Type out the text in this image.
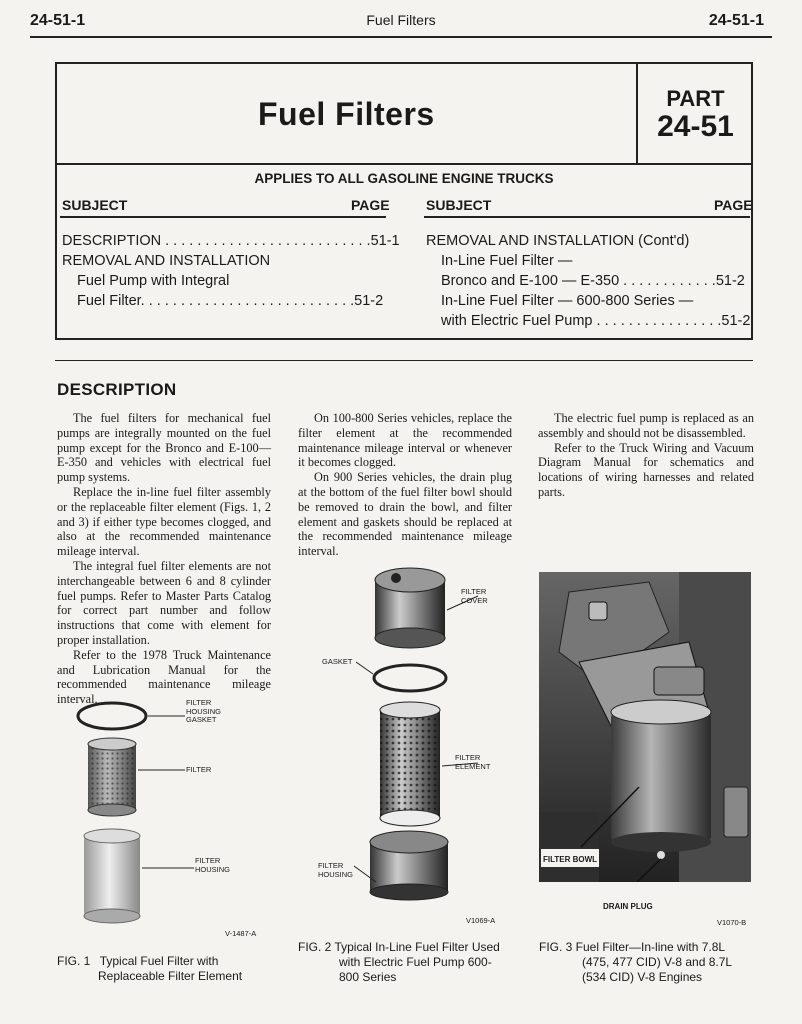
24-51-1	Fuel Filters	24-51-1
Fuel Filters	PART
24-51
APPLIES TO ALL GASOLINE ENGINE TRUCKS
SUBJECT	PAGE	SUBJECT	PAGE
DESCRIPTION . . . . . . . . . . . . . . . . . . . . . . . . . .51-1
REMOVAL AND INSTALLATION
Fuel Pump with Integral
Fuel Filter. . . . . . . . . . . . . . . . . . . . . . . . . . .51-2
REMOVAL AND INSTALLATION (Cont'd)
In-Line Fuel Filter —
Bronco and E-100 — E-350 . . . . . . . . . . . .51-2
In-Line Fuel Filter — 600-800 Series —
with Electric Fuel Pump . . . . . . . . . . . . . . . .51-2
DESCRIPTION

The fuel filters for mechanical fuel pumps are integrally mounted on the fuel pump except for the Bronco and E-100—E-350 and vehicles with electrical fuel pump systems.

Replace the in-line fuel filter assembly or the replaceable filter element (Figs. 1, 2 and 3) if either type becomes clogged, and also at the recommended maintenance mileage interval.

The integral fuel filter elements are not interchangeable between 6 and 8 cylinder fuel pumps. Refer to Master Parts Catalog for correct part number and follow instructions that come with element for proper installation.

Refer to the 1978 Truck Maintenance and Lubrication Manual for the recommended maintenance mileage interval.

On 100-800 Series vehicles, replace the filter element at the recommended maintenance mileage interval or whenever it becomes clogged.

On 900 Series vehicles, the drain plug at the bottom of the fuel filter bowl should be removed to drain the bowl, and filter element and gaskets should be replaced at the recommended maintenance mileage interval.

The electric fuel pump is replaced as an assembly and should not be disassembled.

Refer to the Truck Wiring and Vacuum Diagram Manual for schematics and locations of wiring harnesses and related parts.

FILTER HOUSING GASKET
FILTER
FILTER HOUSING
V-1487-A
FIG. 1 Typical Fuel Filter with
Replaceable Filter Element
FILTER COVER
GASKET
FILTER ELEMENT
FILTER HOUSING
V1069-A
FIG. 2 Typical In-Line Fuel Filter Used
with Electric Fuel Pump 600-
800 Series
FILTER BOWL
DRAIN PLUG
V1070-B
FIG. 3 Fuel Filter—In-line with 7.8L
(475, 477 CID) V-8 and 8.7L
(534 CID) V-8 Engines
